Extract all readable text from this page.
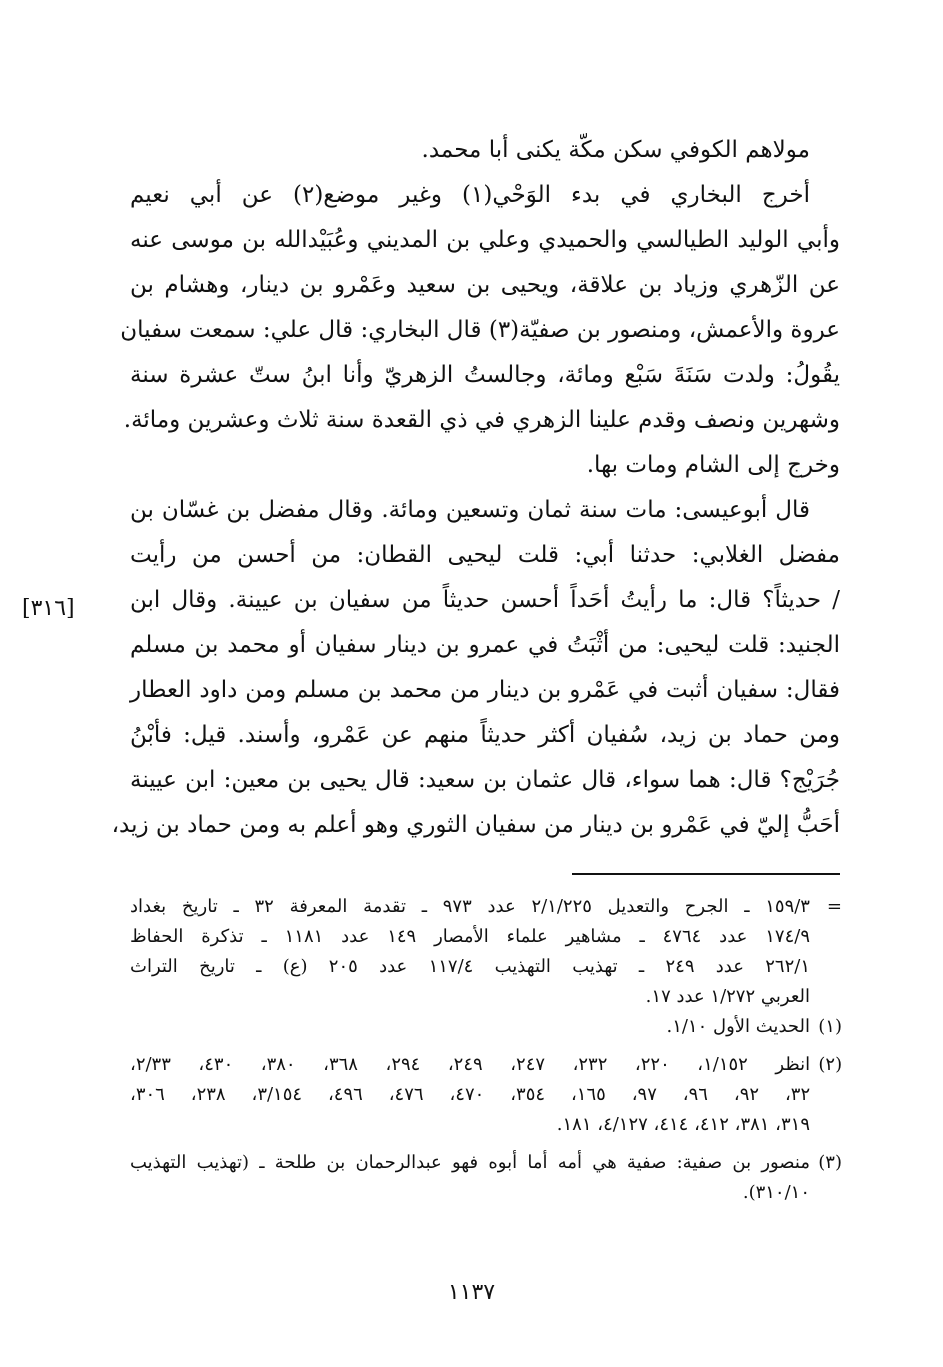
مولاهم الكوفي سكن مكّة يكنى أبا محمد.
أخرج البخاري في بدء الوَحْي(١) وغير موضع(٢) عن أبي نعيم
وأبي الوليد الطيالسي والحميدي وعلي بن المديني وعُبَيْدالله بن موسى عنه
عن الزّهري وزياد بن علاقة، ويحيى بن سعيد وعَمْرو بن دينار، وهشام بن
عروة والأعمش، ومنصور بن صفيّة(٣) قال البخاري: قال علي: سمعت سفيان
يقُولُ: ولدت سَنَةَ سَبْع ومائة، وجالستُ الزهريّ وأنا ابنُ ستّ عشرة سنة
وشهرين ونصف وقدم علينا الزهري في ذي القعدة سنة ثلاث وعشرين ومائة.
وخرج إلى الشام ومات بها.
قال أبوعيسى: مات سنة ثمان وتسعين ومائة. وقال مفضل بن غسّان بن
مفضل الغلابي: حدثنا أبي: قلت ليحيى القطان: من أحسن من رأيت
/ حديثاً؟ قال: ما رأيتُ أحَداً أحسن حديثاً من سفيان بن عيينة. وقال ابن
الجنيد: قلت ليحيى: من أثْبَتُ في عمرو بن دينار سفيان أو محمد بن مسلم
فقال: سفيان أثبت في عَمْرو بن دينار من محمد بن مسلم ومن داود العطار
ومن حماد بن زيد، سُفيان أكثر حديثاً منهم عن عَمْرو، وأسند. قيل: فأبْنُ
جُرَيْج؟ قال: هما سواء، قال عثمان بن سعيد: قال يحيى بن معين: ابن عيينة
أحَبُّ إليّ في عَمْرو بن دينار من سفيان الثوري وهو أعلم به ومن حماد بن زيد،
[٣١٦]
=١٥٩/٣ ـ الجرح والتعديل ٢/١/٢٢٥ عدد ٩٧٣ ـ تقدمة المعرفة ٣٢ ـ تاريخ بغداد
١٧٤/٩ عدد ٤٧٦٤ ـ مشاهير علماء الأمصار ١٤٩ عدد ١١٨١ ـ تذكرة الحفاظ
٢٦٢/١ عدد ٢٤٩ ـ تهذيب التهذيب ١١٧/٤ عدد ٢٠٥ (ع) ـ تاريخ التراث
العربي ١/٢٧٢ عدد ١٧.
(١)الحديث الأول ١/١٠.
(٢)انظر ١/١٥٢، ٢٢٠، ٢٣٢، ٢٤٧، ٢٤٩، ٢٩٤، ٣٦٨، ٣٨٠، ٤٣٠، ٢/٣٣،
٣٢، ٩٢، ٩٦، ٩٧، ١٦٥، ٣٥٤، ٤٧٠، ٤٧٦، ٤٩٦، ٣/١٥٤، ٢٣٨، ٣٠٦،
٣١٩، ٣٨١، ٤١٢، ٤١٤، ٤/١٢٧، ١٨١.
(٣)منصور بن صفية: صفية هي أمه أما أبوه فهو عبدالرحمان بن طلحة ـ (تهذيب التهذيب
٣١٠/١٠).
١١٣٧
